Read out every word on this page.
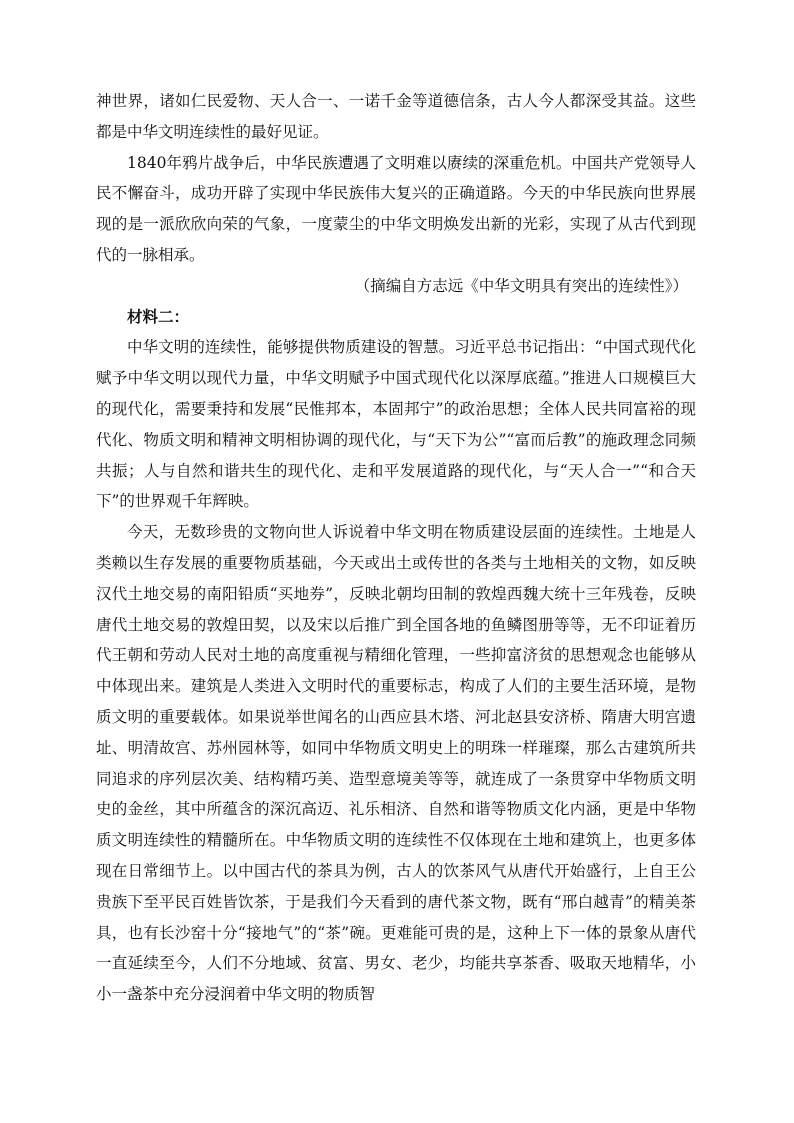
神世界，诸如仁民爱物、天人合一、一诺千金等道德信条，古人今人都深受其益。这些都是中华文明连续性的最好见证。

1840年鸦片战争后，中华民族遭遇了文明难以赓续的深重危机。中国共产党领导人民不懈奋斗，成功开辟了实现中华民族伟大复兴的正确道路。今天的中华民族向世界展现的是一派欣欣向荣的气象，一度蒙尘的中华文明焕发出新的光彩，实现了从古代到现代的一脉相承。

（摘编自方志远《中华文明具有突出的连续性》）

材料二：

中华文明的连续性，能够提供物质建设的智慧。习近平总书记指出：“中国式现代化赋予中华文明以现代力量，中华文明赋予中国式现代化以深厚底蕴。”推进人口规模巨大的现代化，需要秉持和发展“民惟邦本，本固邦宁”的政治思想；全体人民共同富裕的现代化、物质文明和精神文明相协调的现代化，与“天下为公”“富而后教”的施政理念同频共振；人与自然和谐共生的现代化、走和平发展道路的现代化，与“天人合一”“和合天下”的世界观千年辉映。

今天，无数珍贵的文物向世人诉说着中华文明在物质建设层面的连续性。土地是人类赖以生存发展的重要物质基础，今天或出土或传世的各类与土地相关的文物，如反映汉代土地交易的南阳铅质“买地券”，反映北朝均田制的敦煌西魏大统十三年残卷，反映唐代土地交易的敦煌田契，以及宋以后推广到全国各地的鱼鳞图册等等，无不印证着历代王朝和劳动人民对土地的高度重视与精细化管理，一些抑富济贫的思想观念也能够从中体现出来。建筑是人类进入文明时代的重要标志，构成了人们的主要生活环境，是物质文明的重要载体。如果说举世闻名的山西应县木塔、河北赵县安济桥、隋唐大明宫遗址、明清故宫、苏州园林等，如同中华物质文明史上的明珠一样璀璨，那么古建筑所共同追求的序列层次美、结构精巧美、造型意境美等等，就连成了一条贯穿中华物质文明史的金丝，其中所蕴含的深沉高迈、礼乐相济、自然和谐等物质文化内涵，更是中华物质文明连续性的精髓所在。中华物质文明的连续性不仅体现在土地和建筑上，也更多体现在日常细节上。以中国古代的茶具为例，古人的饮茶风气从唐代开始盛行，上自王公贵族下至平民百姓皆饮茶，于是我们今天看到的唐代茶文物，既有“邢白越青”的精美茶具，也有长沙窑十分“接地气”的“茶”碗。更难能可贵的是，这种上下一体的景象从唐代一直延续至今，人们不分地域、贫富、男女、老少，均能共享茶香、吸取天地精华，小小一盏茶中充分浸润着中华文明的物质智
